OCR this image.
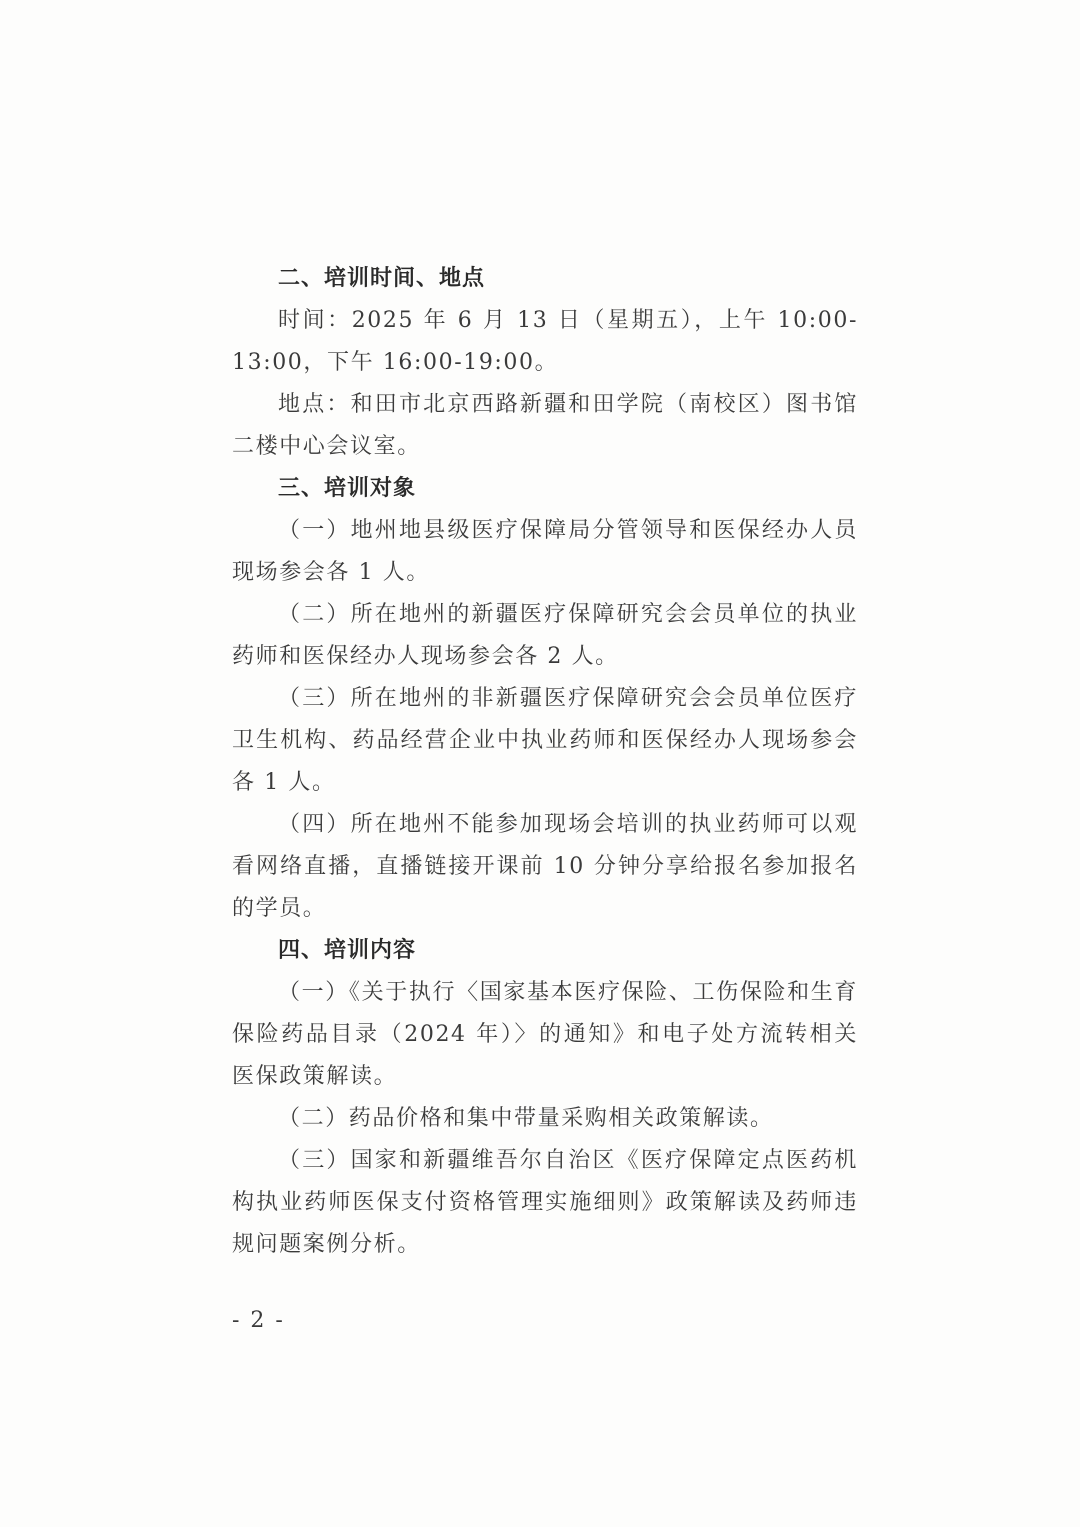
二、培训时间、地点

时间：2025 年 6 月 13 日（星期五），上午 10:00-13:00，下午 16:00-19:00。

地点：和田市北京西路新疆和田学院（南校区）图书馆二楼中心会议室。

三、培训对象

（一）地州地县级医疗保障局分管领导和医保经办人员现场参会各 1 人。

（二）所在地州的新疆医疗保障研究会会员单位的执业药师和医保经办人现场参会各 2 人。

（三）所在地州的非新疆医疗保障研究会会员单位医疗卫生机构、药品经营企业中执业药师和医保经办人现场参会各 1 人。

（四）所在地州不能参加现场会培训的执业药师可以观看网络直播，直播链接开课前 10 分钟分享给报名参加报名的学员。

四、培训内容

（一）《关于执行〈国家基本医疗保险、工伤保险和生育保险药品目录（2024 年）〉的通知》和电子处方流转相关医保政策解读。

（二）药品价格和集中带量采购相关政策解读。

（三）国家和新疆维吾尔自治区《医疗保障定点医药机构执业药师医保支付资格管理实施细则》政策解读及药师违规问题案例分析。

- 2 -
